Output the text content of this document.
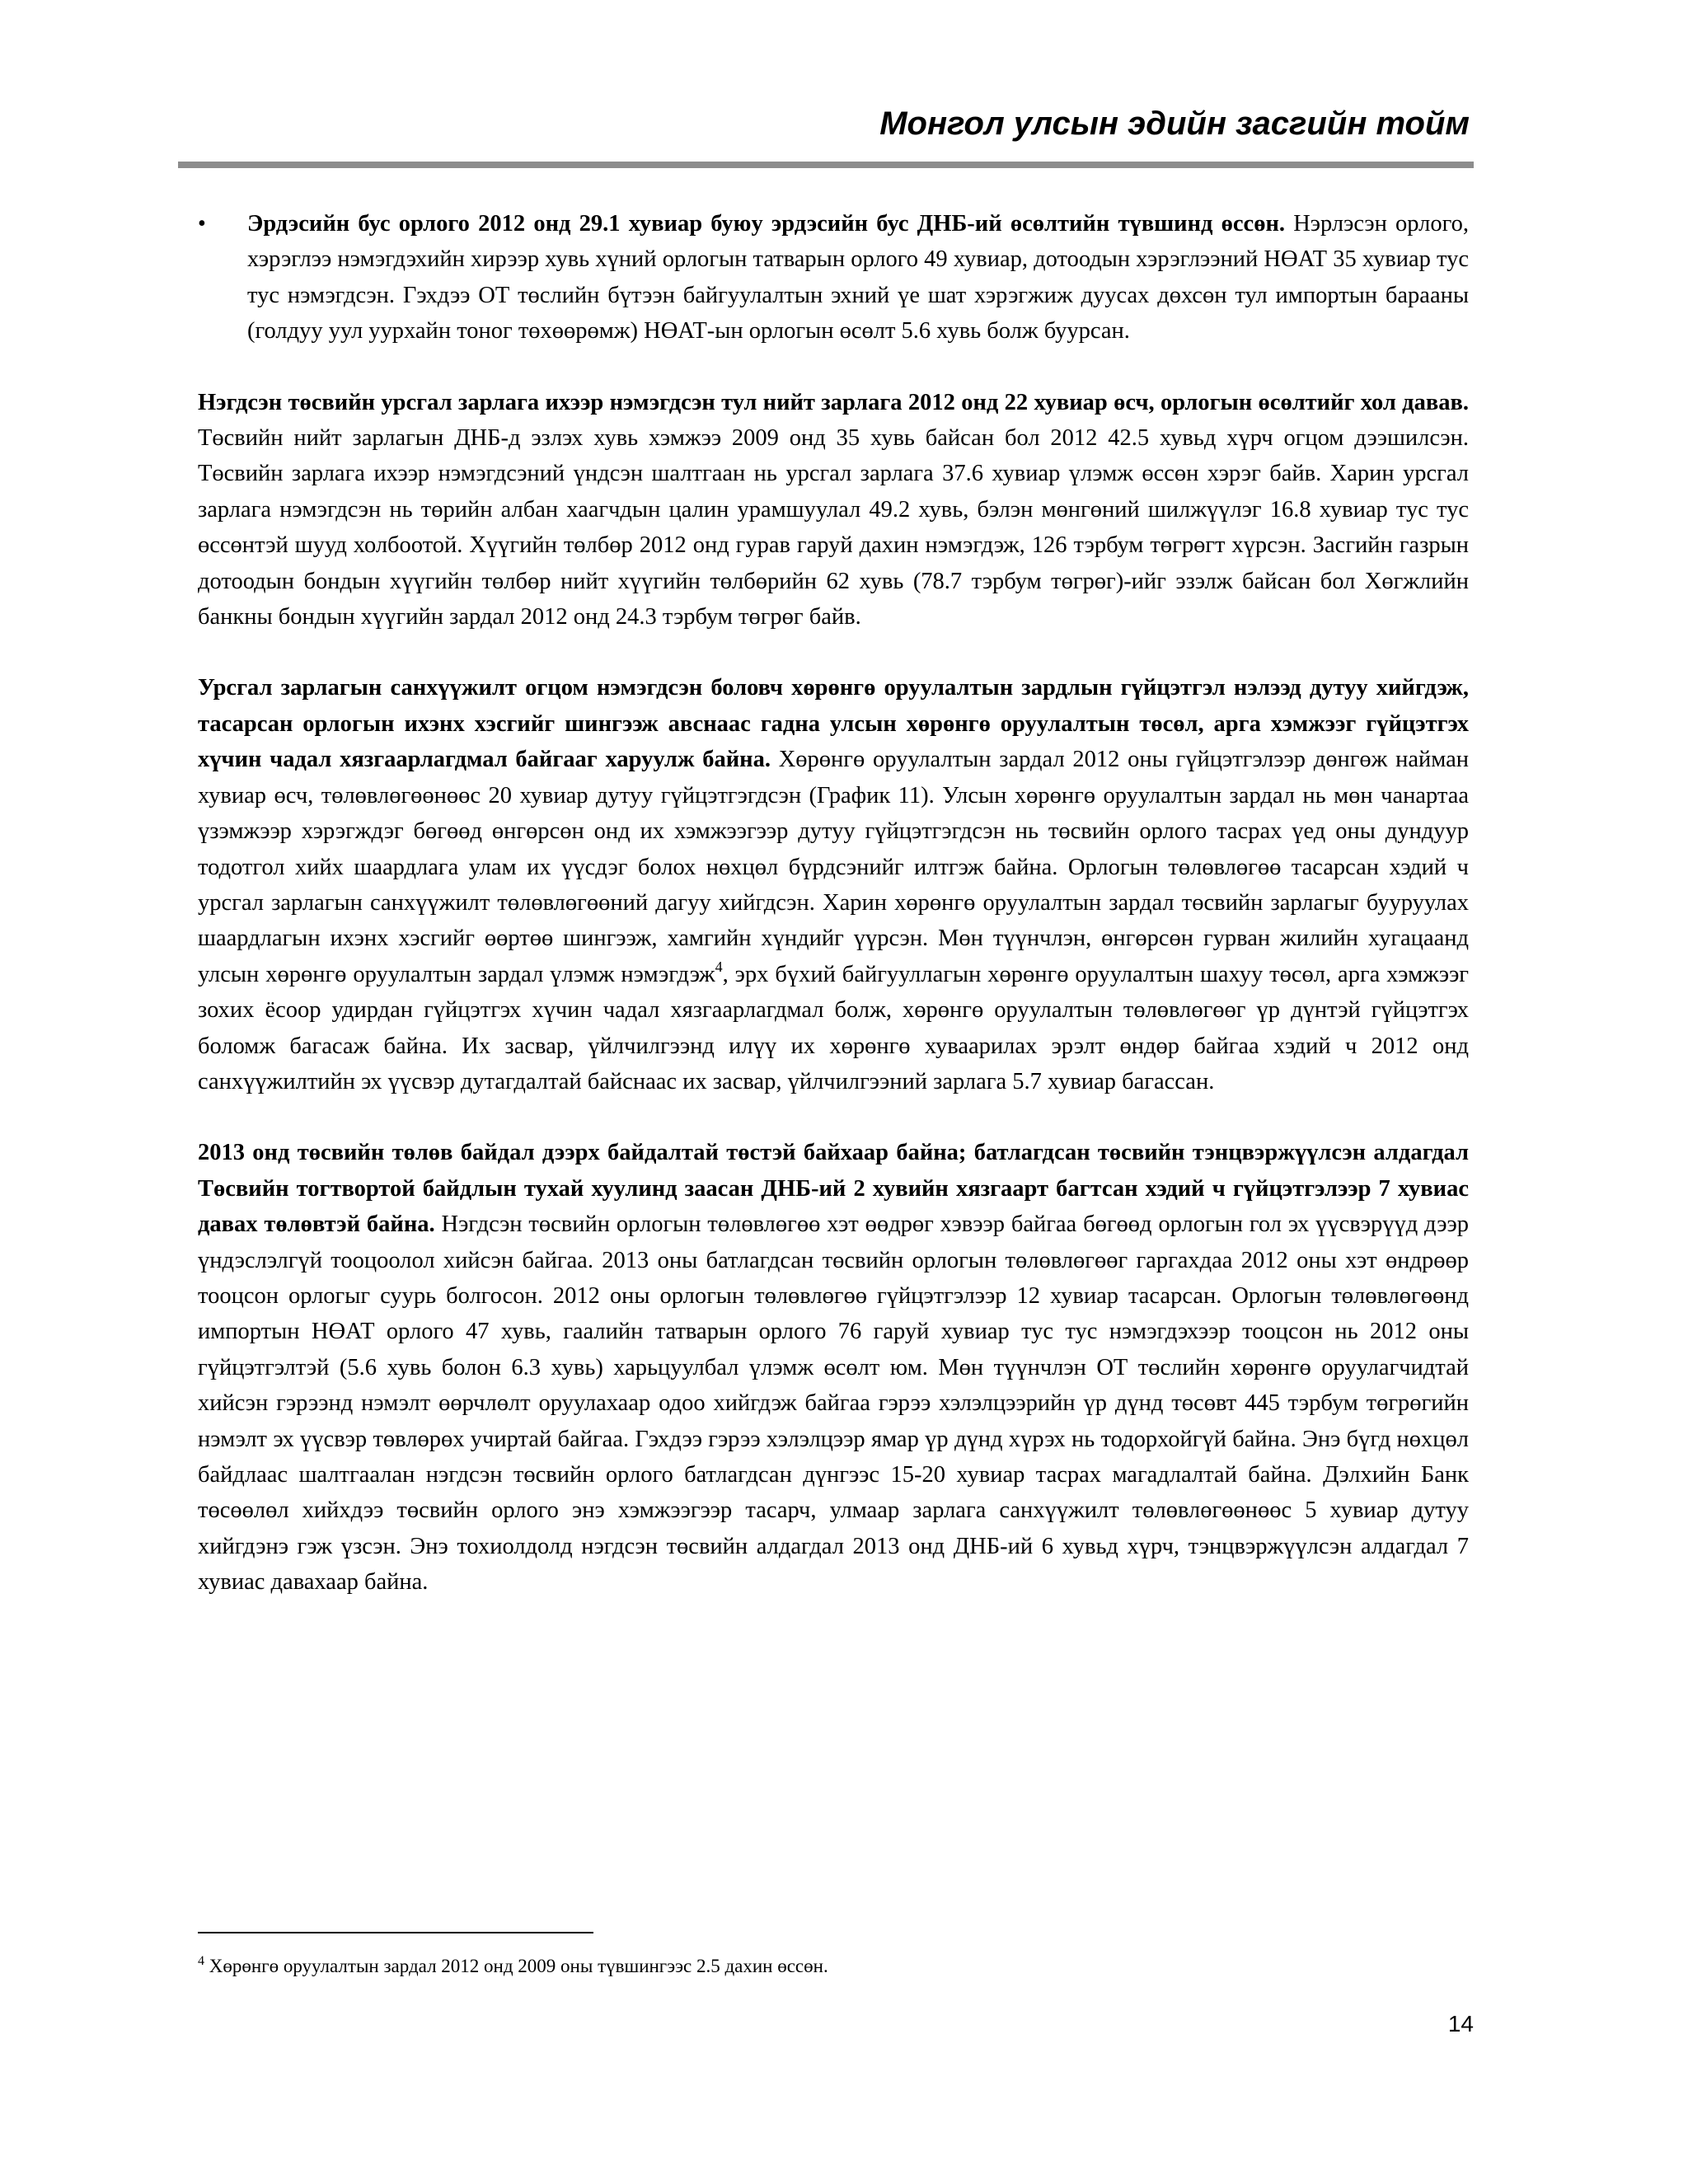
Монгол улсын эдийн засгийн тойм
•	Эрдэсийн бус орлого 2012 онд 29.1 хувиар буюу эрдэсийн бус ДНБ-ий өсөлтийн түвшинд өссөн. Нэрлэсэн орлого, хэрэглээ нэмэгдэхийн хирээр хувь хүний орлогын татварын орлого 49 хувиар, дотоодын хэрэглээний НӨАТ 35 хувиар тус тус нэмэгдсэн. Гэхдээ ОТ төслийн бүтээн байгуулалтын эхний үе шат хэрэгжиж дуусах дөхсөн тул импортын барааны (голдуу уул уурхайн тоног төхөөрөмж) НӨАТ-ын орлогын өсөлт 5.6 хувь болж буурсан.

Нэгдсэн төсвийн урсгал зарлага ихээр нэмэгдсэн тул нийт зарлага 2012 онд 22 хувиар өсч, орлогын өсөлтийг хол давав. Төсвийн нийт зарлагын ДНБ-д эзлэх хувь хэмжээ 2009 онд 35 хувь байсан бол 2012 42.5 хувьд хүрч огцом дээшилсэн. Төсвийн зарлага ихээр нэмэгдсэний үндсэн шалтгаан нь урсгал зарлага 37.6 хувиар үлэмж өссөн хэрэг байв. Харин урсгал зарлага нэмэгдсэн нь төрийн албан хаагчдын цалин урамшуулал 49.2 хувь, бэлэн мөнгөний шилжүүлэг 16.8 хувиар тус тус өссөнтэй шууд холбоотой. Хүүгийн төлбөр 2012 онд гурав гаруй дахин нэмэгдэж, 126 тэрбум төгрөгт хүрсэн. Засгийн газрын дотоодын бондын хүүгийн төлбөр нийт хүүгийн төлбөрийн 62 хувь (78.7 тэрбум төгрөг)-ийг эзэлж байсан бол Хөгжлийн банкны бондын хүүгийн зардал 2012 онд 24.3 тэрбум төгрөг байв.

Урсгал зарлагын санхүүжилт огцом нэмэгдсэн боловч хөрөнгө оруулалтын зардлын гүйцэтгэл нэлээд дутуу хийгдэж, тасарсан орлогын ихэнх хэсгийг шингээж авснаас гадна улсын хөрөнгө оруулалтын төсөл, арга хэмжээг гүйцэтгэх хүчин чадал хязгаарлагдмал байгааг харуулж байна. Хөрөнгө оруулалтын зардал 2012 оны гүйцэтгэлээр дөнгөж найман хувиар өсч, төлөвлөгөөнөөс 20 хувиар дутуу гүйцэтгэгдсэн (График 11). Улсын хөрөнгө оруулалтын зардал нь мөн чанартаа үзэмжээр хэрэгждэг бөгөөд өнгөрсөн онд их хэмжээгээр дутуу гүйцэтгэгдсэн нь төсвийн орлого тасрах үед оны дундуур тодотгол хийх шаардлага улам их үүсдэг болох нөхцөл бүрдсэнийг илтгэж байна. Орлогын төлөвлөгөө тасарсан хэдий ч урсгал зарлагын санхүүжилт төлөвлөгөөний дагуу хийгдсэн. Харин хөрөнгө оруулалтын зардал төсвийн зарлагыг бууруулах шаардлагын ихэнх хэсгийг өөртөө шингээж, хамгийн хүндийг үүрсэн. Мөн түүнчлэн, өнгөрсөн гурван жилийн хугацаанд улсын хөрөнгө оруулалтын зардал үлэмж нэмэгдэж$^4$, эрх бүхий байгууллагын хөрөнгө оруулалтын шахуу төсөл, арга хэмжээг зохих ёсоор удирдан гүйцэтгэх хүчин чадал хязгаарлагдмал болж, хөрөнгө оруулалтын төлөвлөгөөг үр дүнтэй гүйцэтгэх боломж багасаж байна. Их засвар, үйлчилгээнд илүү их хөрөнгө хуваарилах эрэлт өндөр байгаа хэдий ч 2012 онд санхүүжилтийн эх үүсвэр дутагдалтай байснаас их засвар, үйлчилгээний зарлага 5.7 хувиар багассан.

2013 онд төсвийн төлөв байдал дээрх байдалтай төстэй байхаар байна; батлагдсан төсвийн тэнцвэржүүлсэн алдагдал Төсвийн тогтвортой байдлын тухай хуулинд заасан ДНБ-ий 2 хувийн хязгаарт багтсан хэдий ч гүйцэтгэлээр 7 хувиас давах төлөвтэй байна. Нэгдсэн төсвийн орлогын төлөвлөгөө хэт өөдрөг хэвээр байгаа бөгөөд орлогын гол эх үүсвэрүүд дээр үндэслэлгүй тооцоолол хийсэн байгаа. 2013 оны батлагдсан төсвийн орлогын төлөвлөгөөг гаргахдаа 2012 оны хэт өндрөөр тооцсон орлогыг суурь болгосон. 2012 оны орлогын төлөвлөгөө гүйцэтгэлээр 12 хувиар тасарсан. Орлогын төлөвлөгөөнд импортын НӨАТ орлого 47 хувь, гаалийн татварын орлого 76 гаруй хувиар тус тус нэмэгдэхээр тооцсон нь 2012 оны гүйцэтгэлтэй (5.6 хувь болон 6.3 хувь) харьцуулбал үлэмж өсөлт юм. Мөн түүнчлэн ОТ төслийн хөрөнгө оруулагчидтай хийсэн гэрээнд нэмэлт өөрчлөлт оруулахаар одоо хийгдэж байгаа гэрээ хэлэлцээрийн үр дүнд төсөвт 445 тэрбум төгрөгийн нэмэлт эх үүсвэр төвлөрөх учиртай байгаа. Гэхдээ гэрээ хэлэлцээр ямар үр дүнд хүрэх нь тодорхойгүй байна. Энэ бүгд нөхцөл байдлаас шалтгаалан нэгдсэн төсвийн орлого батлагдсан дүнгээс 15-20 хувиар тасрах магадлалтай байна. Дэлхийн Банк төсөөлөл хийхдээ төсвийн орлого энэ хэмжээгээр тасарч, улмаар зарлага санхүүжилт төлөвлөгөөнөөс 5 хувиар дутуу хийгдэнэ гэж үзсэн. Энэ тохиолдолд нэгдсэн төсвийн алдагдал 2013 онд ДНБ-ий 6 хувьд хүрч, тэнцвэржүүлсэн алдагдал 7 хувиас давахаар байна.

$^4$ Хөрөнгө оруулалтын зардал 2012 онд 2009 оны түвшингээс 2.5 дахин өссөн.
14
